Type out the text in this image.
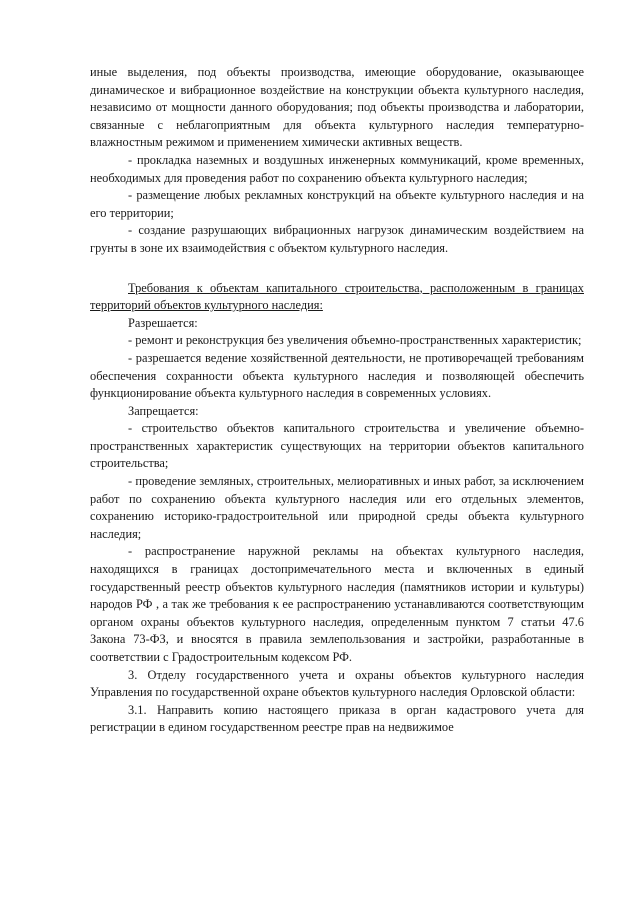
иные выделения, под объекты производства, имеющие оборудование, оказывающее динамическое и вибрационное воздействие на конструкции объекта культурного наследия, независимо от мощности данного оборудования; под объекты производства и лаборатории, связанные с неблагоприятным для объекта культурного наследия температурно-влажностным режимом и применением химически активных веществ.

- прокладка наземных и воздушных инженерных коммуникаций, кроме временных, необходимых для проведения работ по сохранению объекта культурного наследия;

- размещение любых рекламных конструкций на объекте культурного наследия и на его территории;

- создание разрушающих вибрационных нагрузок динамическим воздействием на грунты в зоне их взаимодействия с объектом культурного наследия.

Требования к объектам капитального строительства, расположенным в границах территорий объектов культурного наследия:

Разрешается:

- ремонт и реконструкция без увеличения объемно-пространственных характеристик;

- разрешается ведение хозяйственной деятельности, не противоречащей требованиям обеспечения сохранности объекта культурного наследия и позволяющей обеспечить функционирование объекта культурного наследия в современных условиях.

Запрещается:

- строительство объектов капитального строительства и увеличение объемно-пространственных характеристик существующих на территории объектов капитального строительства;

- проведение земляных, строительных, мелиоративных и иных работ, за исключением работ по сохранению объекта культурного наследия или его отдельных элементов, сохранению историко-градостроительной или природной среды объекта культурного наследия;

- распространение наружной рекламы на объектах культурного наследия, находящихся в границах достопримечательного места и включенных в единый государственный реестр объектов культурного наследия (памятников истории и культуры) народов РФ , а так же требования к ее распространению устанавливаются соответствующим органом охраны объектов культурного наследия, определенным пунктом 7 статьи 47.6 Закона 73-ФЗ, и вносятся в правила землепользования и застройки, разработанные в соответствии с Градостроительным кодексом РФ.

3. Отделу государственного учета и охраны объектов культурного наследия Управления по государственной охране объектов культурного наследия Орловской области:

3.1. Направить копию настоящего приказа в орган кадастрового учета для регистрации в едином государственном реестре прав на недвижимое
